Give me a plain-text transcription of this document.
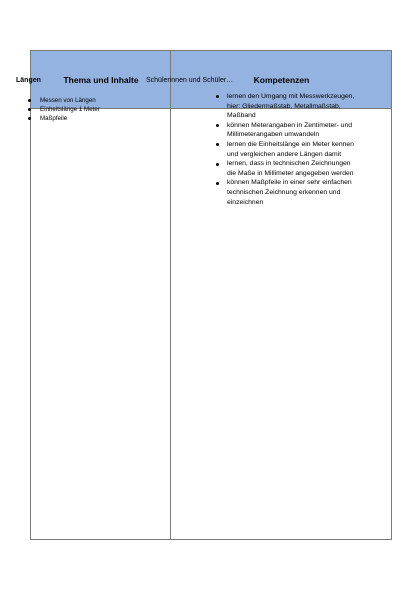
Thema und Inhalte	Kompetenzen

Längen

Messen von Längen
Einheitslänge 1 Meter
Maßpfeile

Schülerinnen und Schüler…

lernen den Umgang mit Messwerkzeugen, hier: Gliedermaßstab, Metallmaßstab, Maßband
können Meterangaben in Zentimeter- und Millimeterangaben umwandeln
lernen die Einheitslänge ein Meter kennen und vergleichen andere Längen damit
lernen, dass in technischen Zeichnungen die Maße in Millimeter angegeben werden
können Maßpfeile in einer sehr einfachen technischen Zeichnung erkennen und einzeichnen
